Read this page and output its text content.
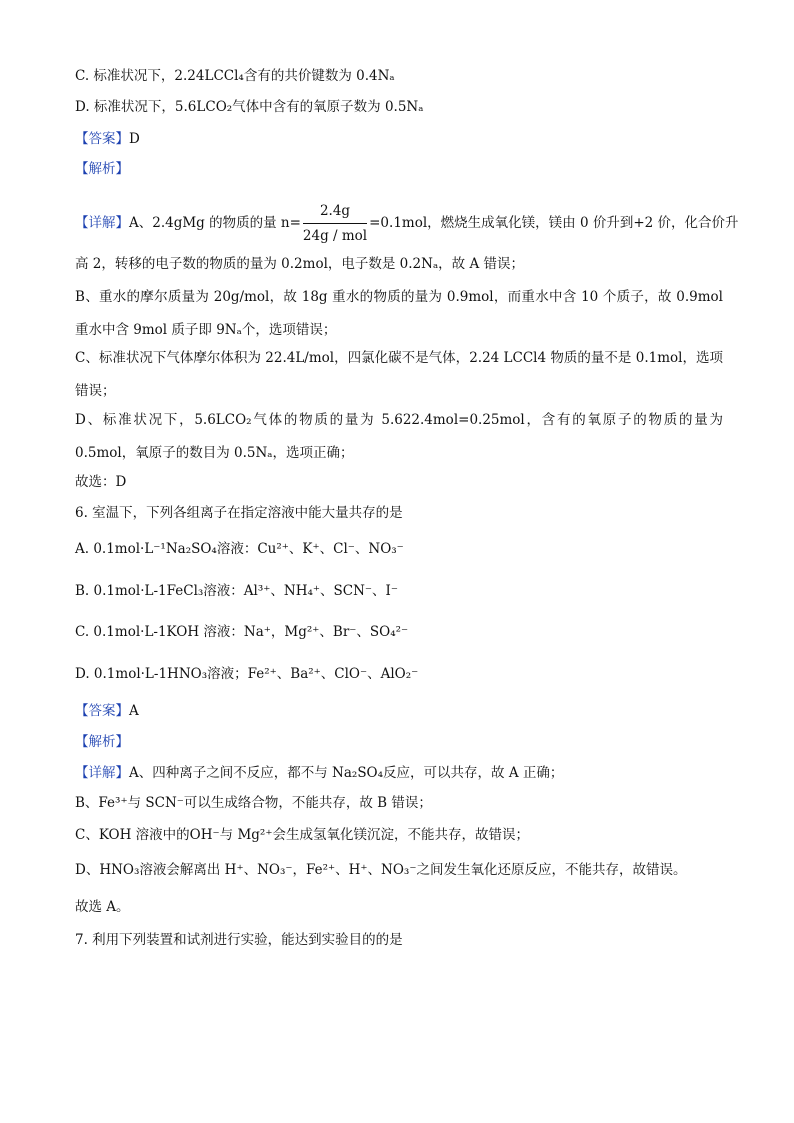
C. 标准状况下，2.24LCCl₄含有的共价键数为 0.4Nₐ
D. 标准状况下，5.6LCO₂气体中含有的氧原子数为 0.5Nₐ
【答案】D
【解析】
【详解】A、2.4gMg 的物质的量 $n= \frac{2.4g}{\text{24g / mol}} =0.1mol$，燃烧生成氧化镁，镁由 0 价升到+2 价，化合价升
高 2，转移的电子数的物质的量为 0.2mol，电子数是 0.2Nₐ，故 A 错误；
B、重水的摩尔质量为 20g/mol，故 18g 重水的物质的量为 0.9mol，而重水中含 10 个质子，故 0.9mol 重水中含 9mol 质子即 9Nₐ个，选项错误；
C、标准状况下气体摩尔体积为 22.4L/mol，四氯化碳不是气体，2.24 LCCl4 物质的量不是 0.1mol，选项错误；
D、标准状况下，5.6LCO₂气体的物质的量为 5.622.4mol=0.25mol，含有的氧原子的物质的量为 0.5mol，氧原子的数目为 0.5Nₐ，选项正确；
故选：D
6. 室温下，下列各组离子在指定溶液中能大量共存的是
A. 0.1mol·L⁻¹Na₂SO₄溶液：Cu²⁺、K⁺、Cl⁻、NO₃⁻
B. 0.1mol·L-1FeCl₃溶液：Al³⁺、NH₄⁺、SCN⁻、I⁻
C. 0.1mol·L-1KOH 溶液：Na⁺，Mg²⁺、Br⁻、SO₄²⁻
D. 0.1mol·L-1HNO₃溶液；Fe²⁺、Ba²⁺、ClO⁻、AlO₂⁻
【答案】A
【解析】
【详解】A、四种离子之间不反应，都不与 Na₂SO₄反应，可以共存，故 A 正确；
B、Fe³⁺与 SCN⁻可以生成络合物，不能共存，故 B 错误；
C、KOH 溶液中的OH⁻与 Mg²⁺会生成氢氧化镁沉淀，不能共存，故错误；
D、HNO₃溶液会解离出 H⁺、NO₃⁻，Fe²⁺、H⁺、NO₃⁻之间发生氧化还原反应，不能共存，故错误。
故选 A。
7. 利用下列装置和试剂进行实验，能达到实验目的的是
